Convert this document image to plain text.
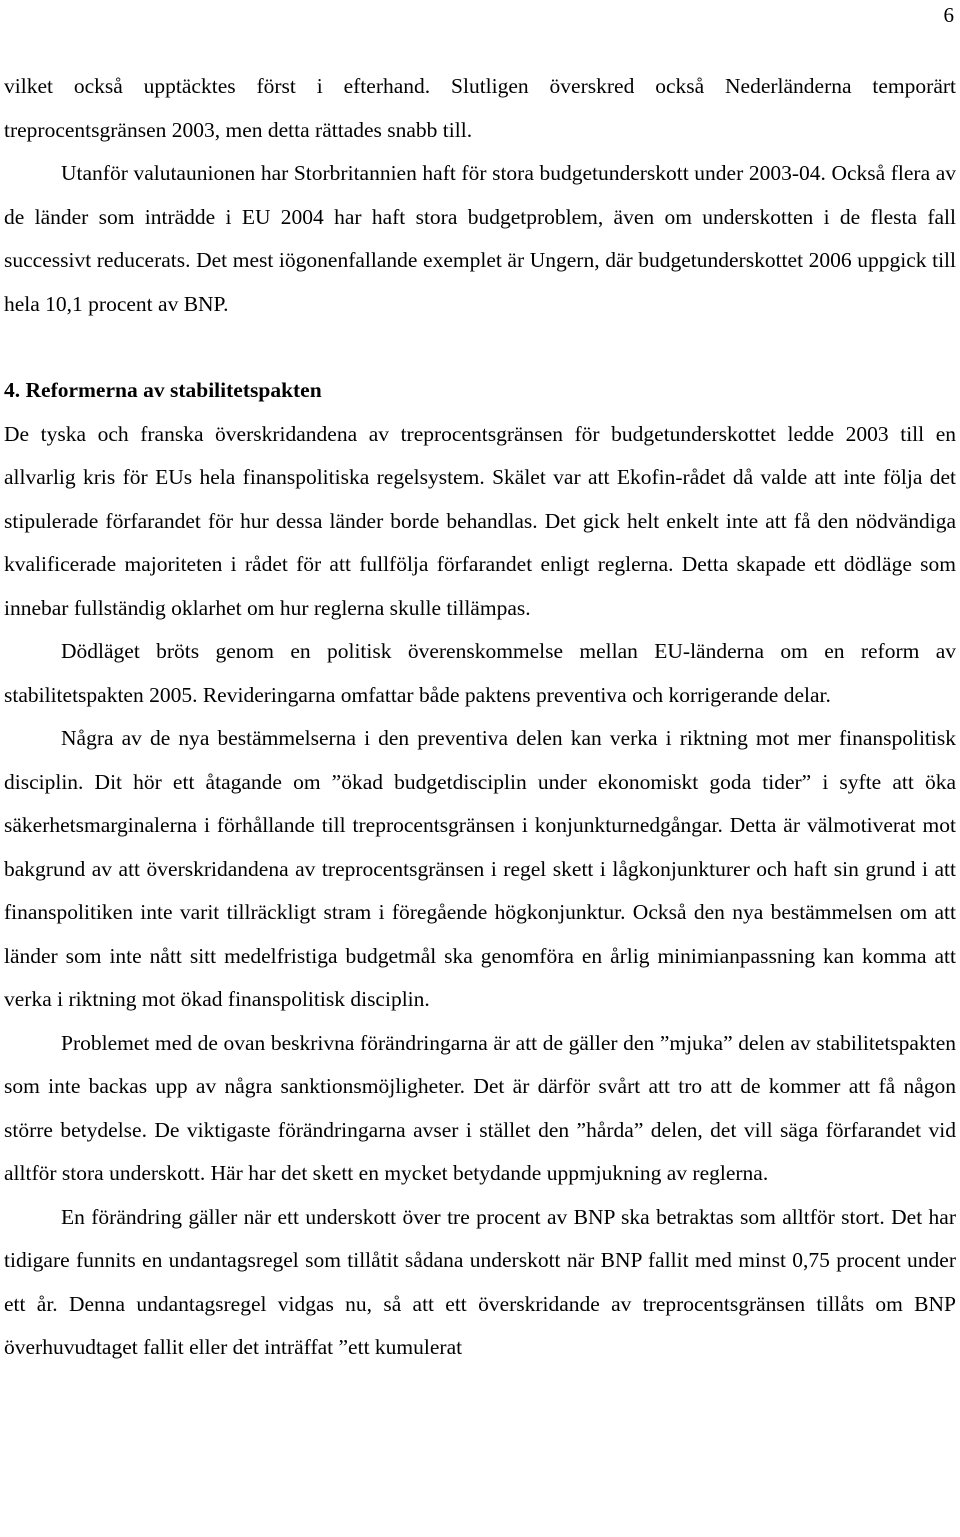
6

vilket också upptäcktes först i efterhand. Slutligen överskred också Nederländerna temporärt treprocentsgränsen 2003, men detta rättades snabb till.

Utanför valutaunionen har Storbritannien haft för stora budgetunderskott under 2003-04. Också flera av de länder som inträdde i EU 2004 har haft stora budgetproblem, även om underskotten i de flesta fall successivt reducerats. Det mest iögonenfallande exemplet är Ungern, där budgetunderskottet 2006 uppgick till hela 10,1 procent av BNP.

4. Reformerna av stabilitetspakten

De tyska och franska överskridandena av treprocentsgränsen för budgetunderskottet ledde 2003 till en allvarlig kris för EUs hela finanspolitiska regelsystem. Skälet var att Ekofin-rådet då valde att inte följa det stipulerade förfarandet för hur dessa länder borde behandlas. Det gick helt enkelt inte att få den nödvändiga kvalificerade majoriteten i rådet för att fullfölja förfarandet enligt reglerna. Detta skapade ett dödläge som innebar fullständig oklarhet om hur reglerna skulle tillämpas.

Dödläget bröts genom en politisk överenskommelse mellan EU-länderna om en reform av stabilitetspakten 2005. Revideringarna omfattar både paktens preventiva och korrigerande delar.

Några av de nya bestämmelserna i den preventiva delen kan verka i riktning mot mer finanspolitisk disciplin. Dit hör ett åtagande om ”ökad budgetdisciplin under ekonomiskt goda tider” i syfte att öka säkerhetsmarginalerna i förhållande till treprocentsgränsen i konjunkturnedgångar. Detta är välmotiverat mot bakgrund av att överskridandena av treprocentsgränsen i regel skett i lågkonjunkturer och haft sin grund i att finanspolitiken inte varit tillräckligt stram i föregående högkonjunktur. Också den nya bestämmelsen om att länder som inte nått sitt medelfristiga budgetmål ska genomföra en årlig minimianpassning kan komma att verka i riktning mot ökad finanspolitisk disciplin.

Problemet med de ovan beskrivna förändringarna är att de gäller den ”mjuka” delen av stabilitetspakten som inte backas upp av några sanktionsmöjligheter. Det är därför svårt att tro att de kommer att få någon större betydelse. De viktigaste förändringarna avser i stället den ”hårda” delen, det vill säga förfarandet vid alltför stora underskott. Här har det skett en mycket betydande uppmjukning av reglerna.

En förändring gäller när ett underskott över tre procent av BNP ska betraktas som alltför stort. Det har tidigare funnits en undantagsregel som tillåtit sådana underskott när BNP fallit med minst 0,75 procent under ett år. Denna undantagsregel vidgas nu, så att ett överskridande av treprocentsgränsen tillåts om BNP överhuvudtaget fallit eller det inträffat ”ett kumulerat
